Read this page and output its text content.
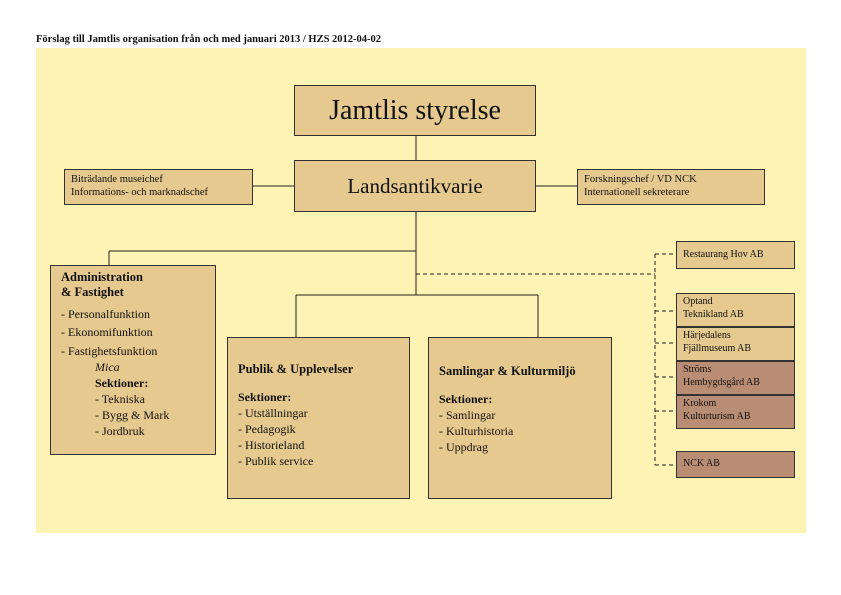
Förslag till Jamtlis organisation från och med januari 2013 / HZS 2012-04-02
Jamtlis styrelse
Landsantikvarie
Biträdande museichef
Informations- och marknadschef
Forskningschef / VD NCK
Internationell sekreterare
Administration
& Fastighet
- Personalfunktion
- Ekonomifunktion
- Fastighetsfunktion
Mica
Sektioner:
- Tekniska
- Bygg & Mark
- Jordbruk
Publik & Upplevelser
Sektioner:
- Utställningar
- Pedagogik
- Historieland
- Publik service
Samlingar & Kulturmiljö
Sektioner:
- Samlingar
- Kulturhistoria
- Uppdrag
Restaurang Hov AB
Optand
Teknikland AB
Härjedalens
Fjällmuseum AB
Ströms
Hembygdsgård AB
Krokom
Kulturturism AB
NCK AB
